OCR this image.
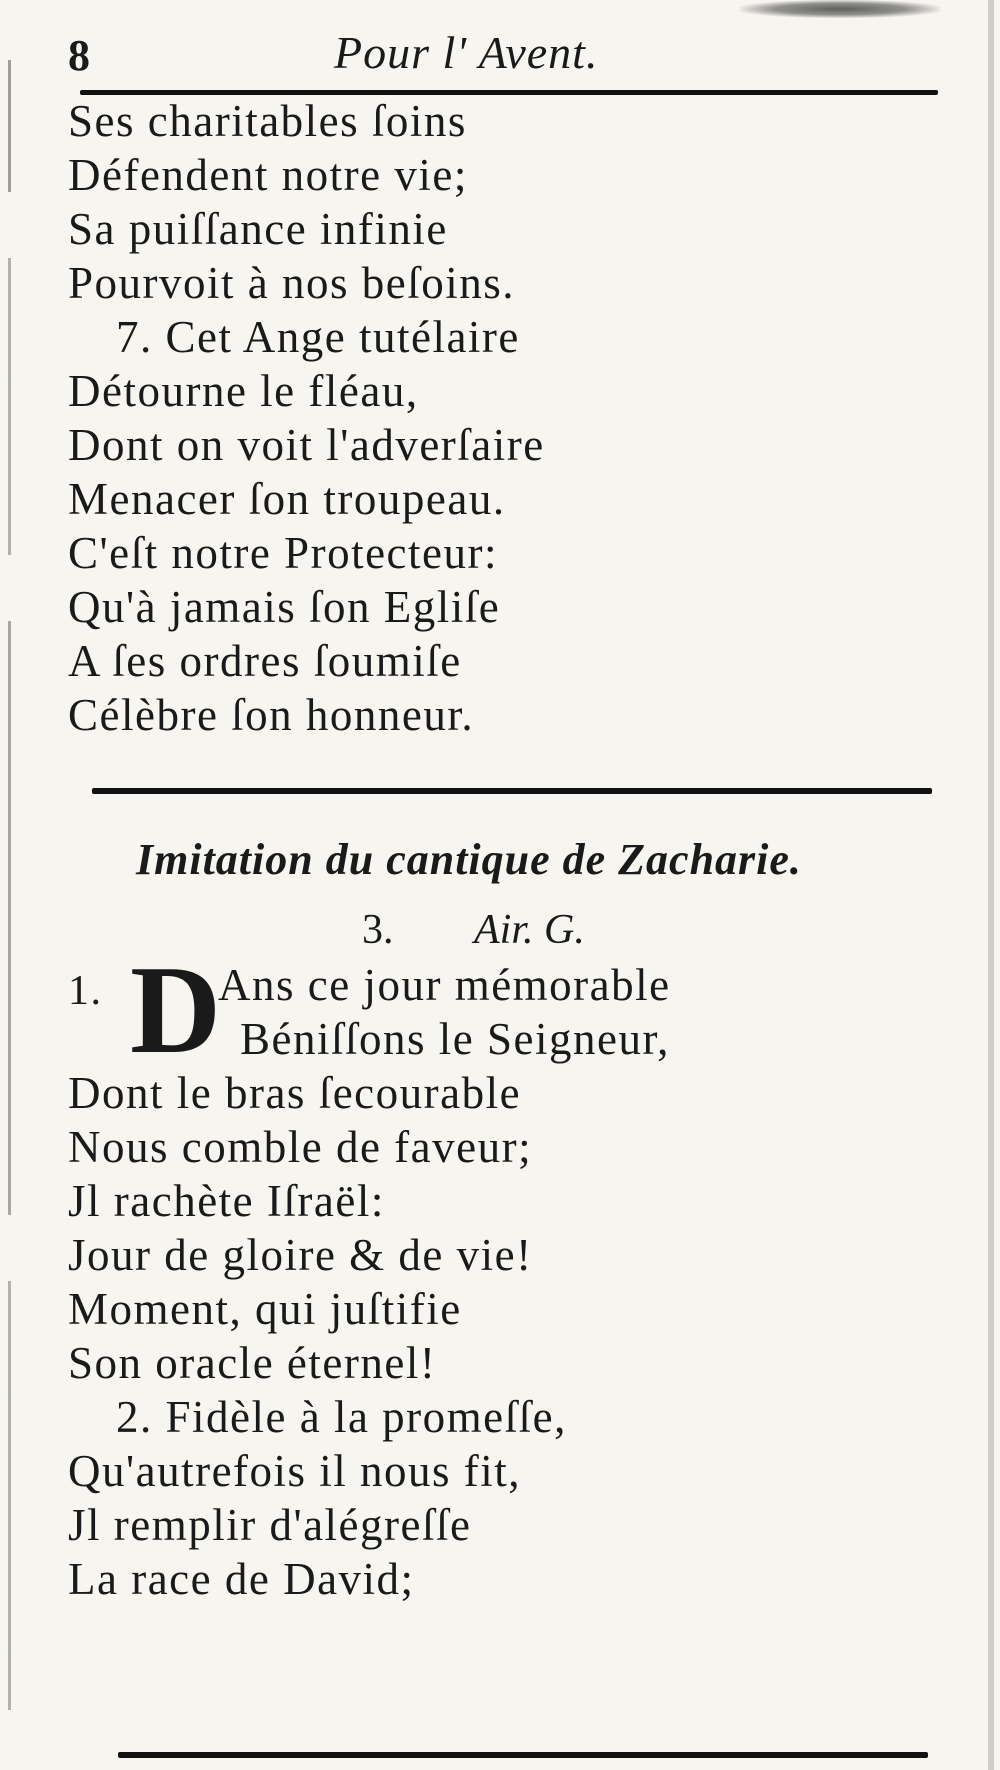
8	Pour l' Avent.
Ses charitables ſoins
Défendent notre vie;
Sa puiſſance infinie
Pourvoit à nos beſoins.
7. Cet Ange tutélaire
Détourne le fléau,
Dont on voit l'adverſaire
Menacer ſon troupeau.
C'eſt notre Protecteur:
Qu'à jamais ſon Egliſe
A ſes ordres ſoumiſe
Célèbre ſon honneur.
Imitation du cantique de Zacharie.
3. Air. G.
1. D
Ans ce jour mémorable
Béniſſons le Seigneur,
Dont le bras ſecourable
Nous comble de faveur;
Jl rachète Iſraël:
Jour de gloire & de vie!
Moment, qui juſtifie
Son oracle éternel!
2. Fidèle à la promeſſe,
Qu'autrefois il nous fit,
Jl remplir d'alégreſſe
La race de David;
